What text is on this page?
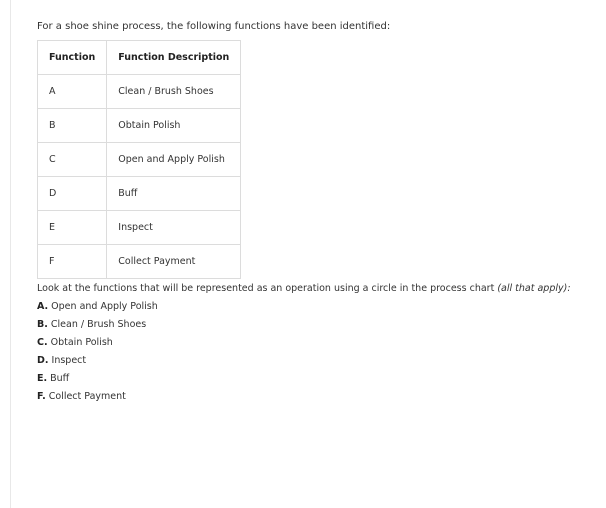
For a shoe shine process, the following functions have been identified:

Function	Function Description
A	Clean / Brush Shoes
B	Obtain Polish
C	Open and Apply Polish
D	Buff
E	Inspect
F	Collect Payment

Look at the functions that will be represented as an operation using a circle in the process chart (all that apply):

A. Open and Apply Polish
B. Clean / Brush Shoes
C. Obtain Polish
D. Inspect
E. Buff
F. Collect Payment
